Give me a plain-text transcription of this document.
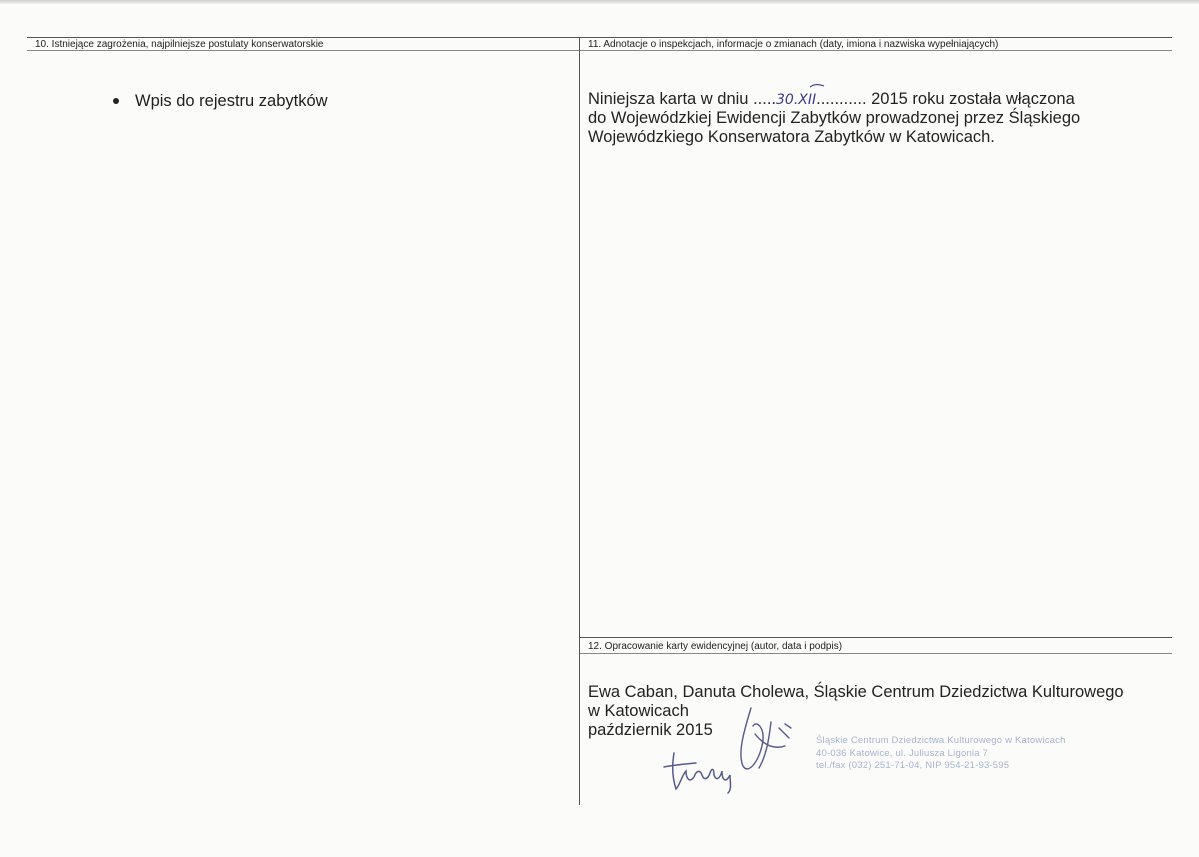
10. Istniejące zagrożenia, najpilniejsze postulaty konserwatorskie
Wpis do rejestru zabytków
11. Adnotacje o inspekcjach, informacje o zmianach (daty, imiona i nazwiska wypełniających)
Niniejsza karta w dniu .....30.XII........... 2015 roku została włączona
do Wojewódzkiej Ewidencji Zabytków prowadzonej przez Śląskiego
Wojewódzkiego Konserwatora Zabytków w Katowicach.
12. Opracowanie karty ewidencyjnej (autor, data i podpis)
Ewa Caban, Danuta Cholewa, Śląskie Centrum Dziedzictwa Kulturowego
w Katowicach
październik 2015
Śląskie Centrum Dziedzictwa Kulturowego w Katowicach
40-036 Katowice, ul. Juliusza Ligonia 7
tel./fax (032) 251-71-04, NIP 954-21-93-595
